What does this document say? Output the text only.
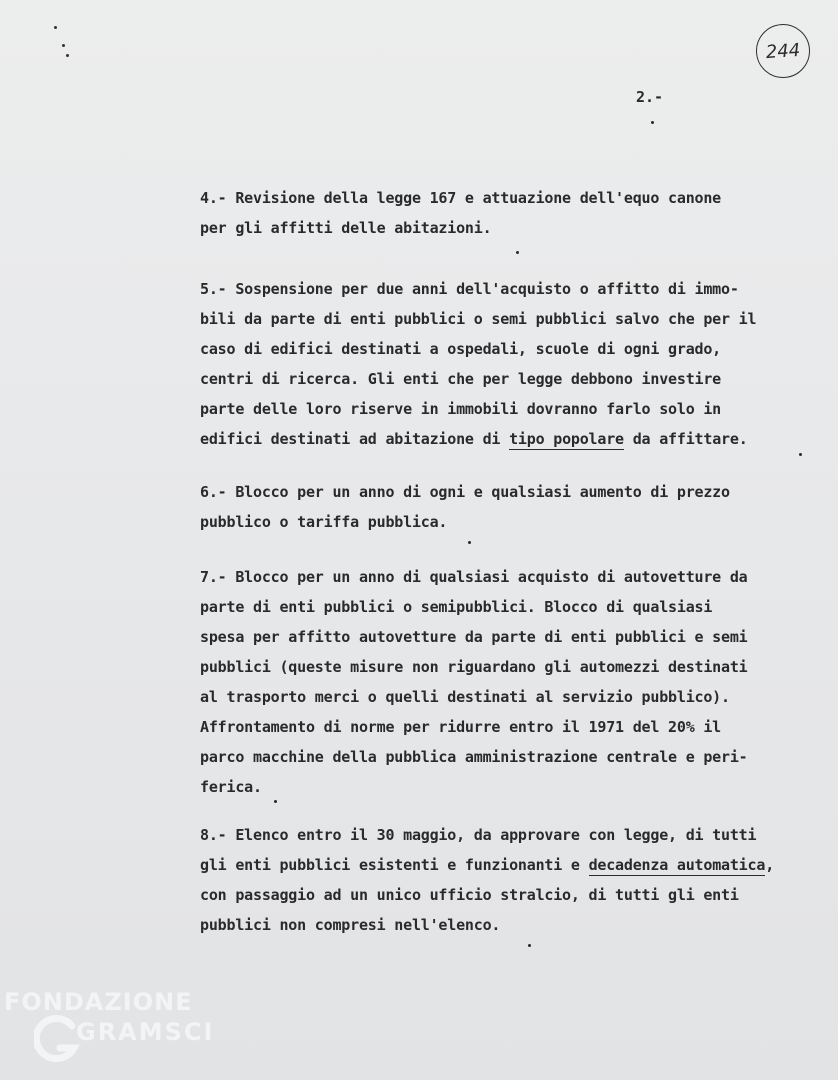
244
2.-
4.- Revisione della legge 167 e attuazione dell'equo canone
per gli affitti delle abitazioni.
5.- Sospensione per due anni dell'acquisto o affitto di immo-
bili da parte di enti pubblici o semi pubblici salvo che per il
caso di edifici destinati a ospedali, scuole di ogni grado,
centri di ricerca. Gli enti che per legge debbono investire
parte delle loro riserve in immobili dovranno farlo solo in
edifici destinati ad abitazione di tipo popolare da affittare.
6.- Blocco per un anno di ogni e qualsiasi aumento di prezzo
pubblico o tariffa pubblica.
7.- Blocco per un anno di qualsiasi acquisto di autovetture da
parte di enti pubblici o semipubblici. Blocco di qualsiasi
spesa per affitto autovetture da parte di enti pubblici e semi
pubblici (queste misure non riguardano gli automezzi destinati
al trasporto merci o quelli destinati al servizio pubblico).
Affrontamento di norme per ridurre entro il 1971 del 20% il
parco macchine della pubblica amministrazione centrale e peri-
ferica.
8.- Elenco entro il 30 maggio, da approvare con legge, di tutti
gli enti pubblici esistenti e funzionanti e decadenza automatica,
con passaggio ad un unico ufficio stralcio, di tutti gli enti
pubblici non compresi nell'elenco.
FONDAZIONE
GRAMSCI
